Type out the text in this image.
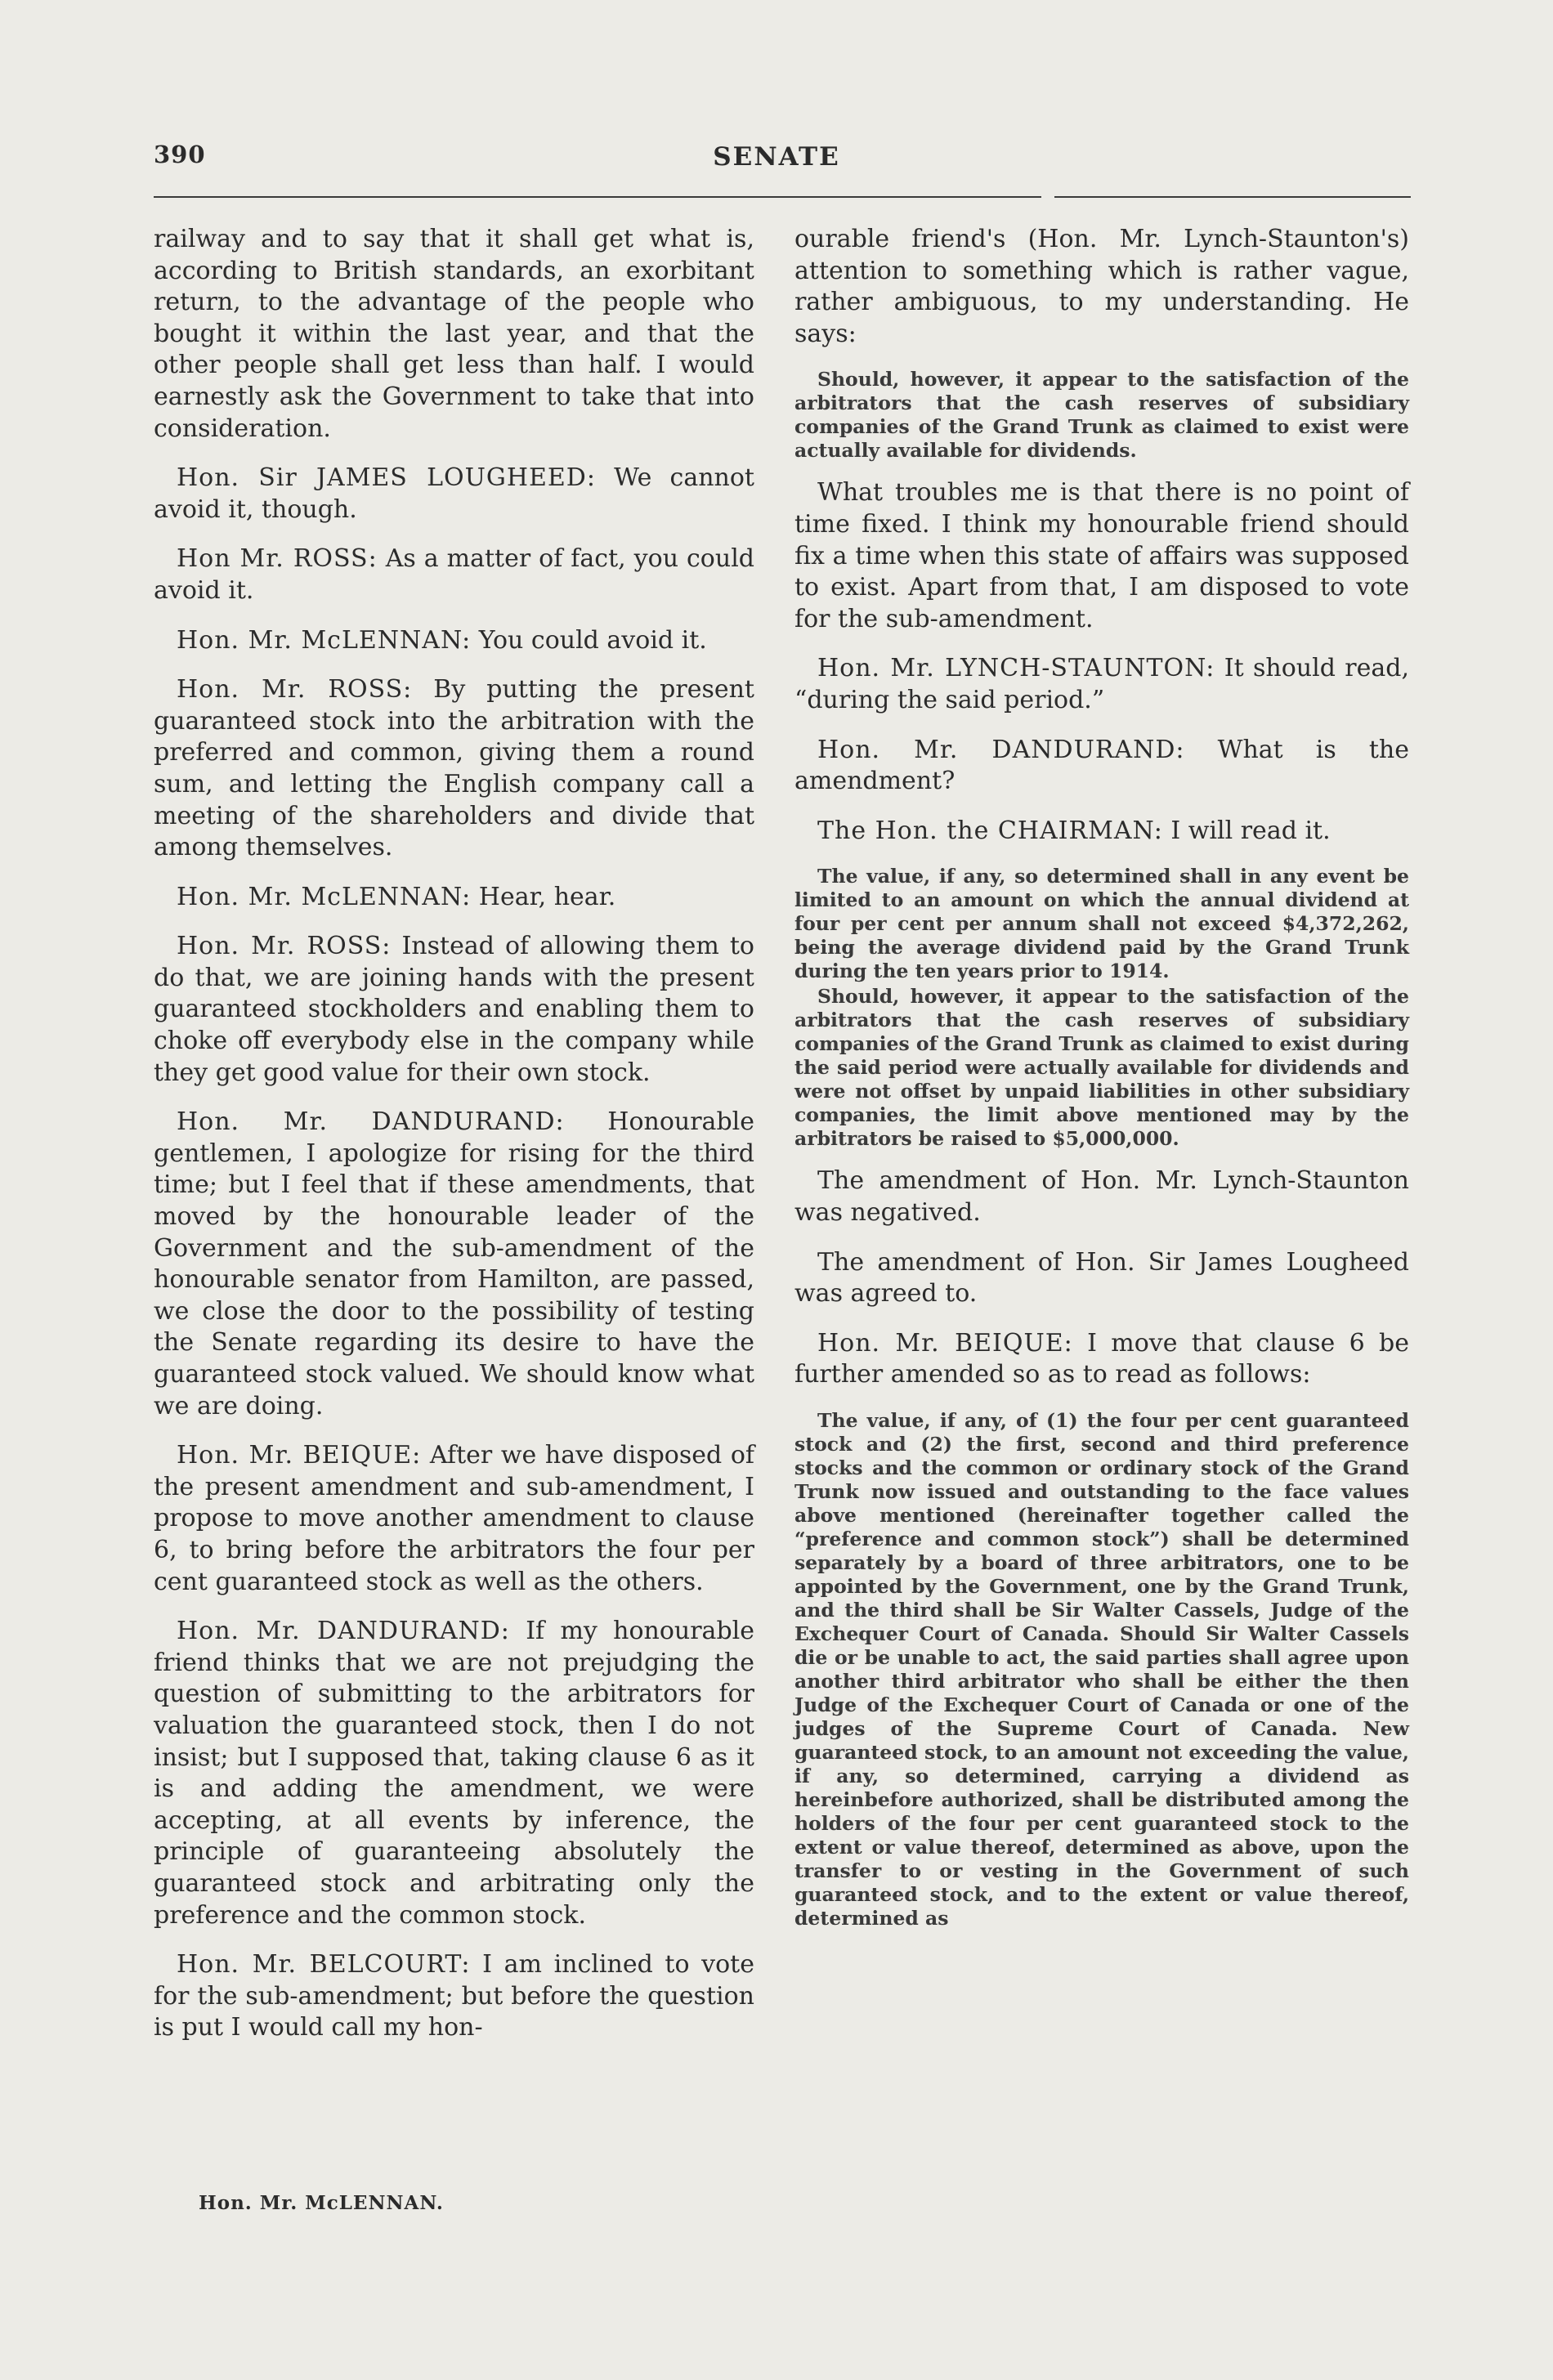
390	SENATE

railway and to say that it shall get what is, according to British standards, an exorbitant return, to the advantage of the people who bought it within the last year, and that the other people shall get less than half. I would earnestly ask the Government to take that into consideration.

Hon. Sir JAMES LOUGHEED: We cannot avoid it, though.

Hon Mr. ROSS: As a matter of fact, you could avoid it.

Hon. Mr. McLENNAN: You could avoid it.

Hon. Mr. ROSS: By putting the present guaranteed stock into the arbitration with the preferred and common, giving them a round sum, and letting the English company call a meeting of the shareholders and divide that among themselves.

Hon. Mr. McLENNAN: Hear, hear.

Hon. Mr. ROSS: Instead of allowing them to do that, we are joining hands with the present guaranteed stockholders and enabling them to choke off everybody else in the company while they get good value for their own stock.

Hon. Mr. DANDURAND: Honourable gentlemen, I apologize for rising for the third time; but I feel that if these amendments, that moved by the honourable leader of the Government and the sub-amendment of the honourable senator from Hamilton, are passed, we close the door to the possibility of testing the Senate regarding its desire to have the guaranteed stock valued. We should know what we are doing.

Hon. Mr. BEIQUE: After we have disposed of the present amendment and sub-amendment, I propose to move another amendment to clause 6, to bring before the arbitrators the four per cent guaranteed stock as well as the others.

Hon. Mr. DANDURAND: If my honourable friend thinks that we are not prejudging the question of submitting to the arbitrators for valuation the guaranteed stock, then I do not insist; but I supposed that, taking clause 6 as it is and adding the amendment, we were accepting, at all events by inference, the principle of guaranteeing absolutely the guaranteed stock and arbitrating only the preference and the common stock.

Hon. Mr. BELCOURT: I am inclined to vote for the sub-amendment; but before the question is put I would call my hon-

ourable friend's (Hon. Mr. Lynch-Staunton's) attention to something which is rather vague, rather ambiguous, to my understanding. He says:

Should, however, it appear to the satisfaction of the arbitrators that the cash reserves of subsidiary companies of the Grand Trunk as claimed to exist were actually available for dividends.

What troubles me is that there is no point of time fixed. I think my honourable friend should fix a time when this state of affairs was supposed to exist. Apart from that, I am disposed to vote for the sub-amendment.

Hon. Mr. LYNCH-STAUNTON: It should read, “during the said period.”

Hon. Mr. DANDURAND: What is the amendment?

The Hon. the CHAIRMAN: I will read it.

The value, if any, so determined shall in any event be limited to an amount on which the annual dividend at four per cent per annum shall not exceed $4,372,262, being the average dividend paid by the Grand Trunk during the ten years prior to 1914.

Should, however, it appear to the satisfaction of the arbitrators that the cash reserves of subsidiary companies of the Grand Trunk as claimed to exist during the said period were actually available for dividends and were not offset by unpaid liabilities in other subsidiary companies, the limit above mentioned may by the arbitrators be raised to $5,000,000.

The amendment of Hon. Mr. Lynch-Staunton was negatived.

The amendment of Hon. Sir James Lougheed was agreed to.

Hon. Mr. BEIQUE: I move that clause 6 be further amended so as to read as follows:

The value, if any, of (1) the four per cent guaranteed stock and (2) the first, second and third preference stocks and the common or ordinary stock of the Grand Trunk now issued and outstanding to the face values above mentioned (hereinafter together called the “preference and common stock”) shall be determined separately by a board of three arbitrators, one to be appointed by the Government, one by the Grand Trunk, and the third shall be Sir Walter Cassels, Judge of the Exchequer Court of Canada. Should Sir Walter Cassels die or be unable to act, the said parties shall agree upon another third arbitrator who shall be either the then Judge of the Exchequer Court of Canada or one of the judges of the Supreme Court of Canada. New guaranteed stock, to an amount not exceeding the value, if any, so determined, carrying a dividend as hereinbefore authorized, shall be distributed among the holders of the four per cent guaranteed stock to the extent or value thereof, determined as above, upon the transfer to or vesting in the Government of such guaranteed stock, and to the extent or value thereof, determined as

Hon. Mr. McLENNAN.
